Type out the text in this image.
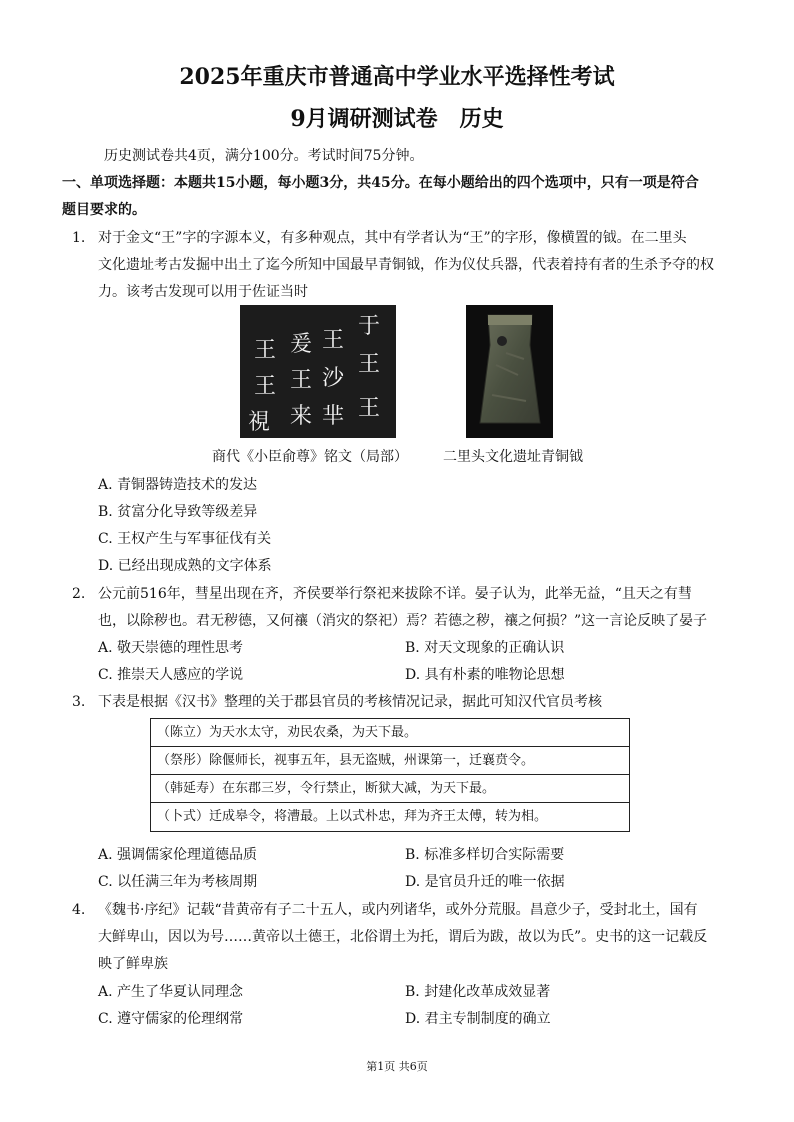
2025年重庆市普通高中学业水平选择性考试
9月调研测试卷　历史
历史测试卷共4页，满分100分。考试时间75分钟。
一、单项选择题：本题共15小题，每小题3分，共45分。在每小题给出的四个选项中，只有一项是符合
题目要求的。
1. 对于金文“王”字的字源本义，有多种观点，其中有学者认为“王”的字形，像横置的钺。在二里头
文化遗址考古发掘中出土了迄今所知中国最早青铜钺，作为仪仗兵器，代表着持有者的生杀予夺的权
力。该考古发现可以用于佐证当时
王 爰
王 王
于
視
王
沙
王
来 芈 王
商代《小臣俞尊》铭文（局部）	二里头文化遗址青铜钺
A. 青铜器铸造技术的发达
B. 贫富分化导致等级差异
C. 王权产生与军事征伐有关
D. 已经出现成熟的文字体系
2. 公元前516年，彗星出现在齐，齐侯要举行祭祀来拔除不详。晏子认为，此举无益，“且天之有彗
也，以除秽也。君无秽德，又何禳（消灾的祭祀）焉？若德之秽，禳之何损？”这一言论反映了晏子
A. 敬天崇德的理性思考	B. 对天文现象的正确认识
C. 推崇天人感应的学说	D. 具有朴素的唯物论思想
3. 下表是根据《汉书》整理的关于郡县官员的考核情况记录，据此可知汉代官员考核
（陈立）为天水太守，劝民农桑，为天下最。
（祭彤）除偃师长，视事五年，县无盗贼，州课第一，迁襄贲令。
（韩延寿）在东郡三岁，令行禁止，断狱大减，为天下最。
（卜式）迁成皋令，将漕最。上以式朴忠，拜为齐王太傅，转为相。
A. 强调儒家伦理道德品质	B. 标准多样切合实际需要
C. 以任满三年为考核周期	D. 是官员升迁的唯一依据
4. 《魏书·序纪》记载“昔黄帝有子二十五人，或内列诸华，或外分荒服。昌意少子，受封北土，国有
大鲜卑山，因以为号……黄帝以土德王，北俗谓土为托，谓后为跋，故以为氏”。史书的这一记载反
映了鲜卑族
A. 产生了华夏认同理念	B. 封建化改革成效显著
C. 遵守儒家的伦理纲常	D. 君主专制制度的确立
第1页 共6页
